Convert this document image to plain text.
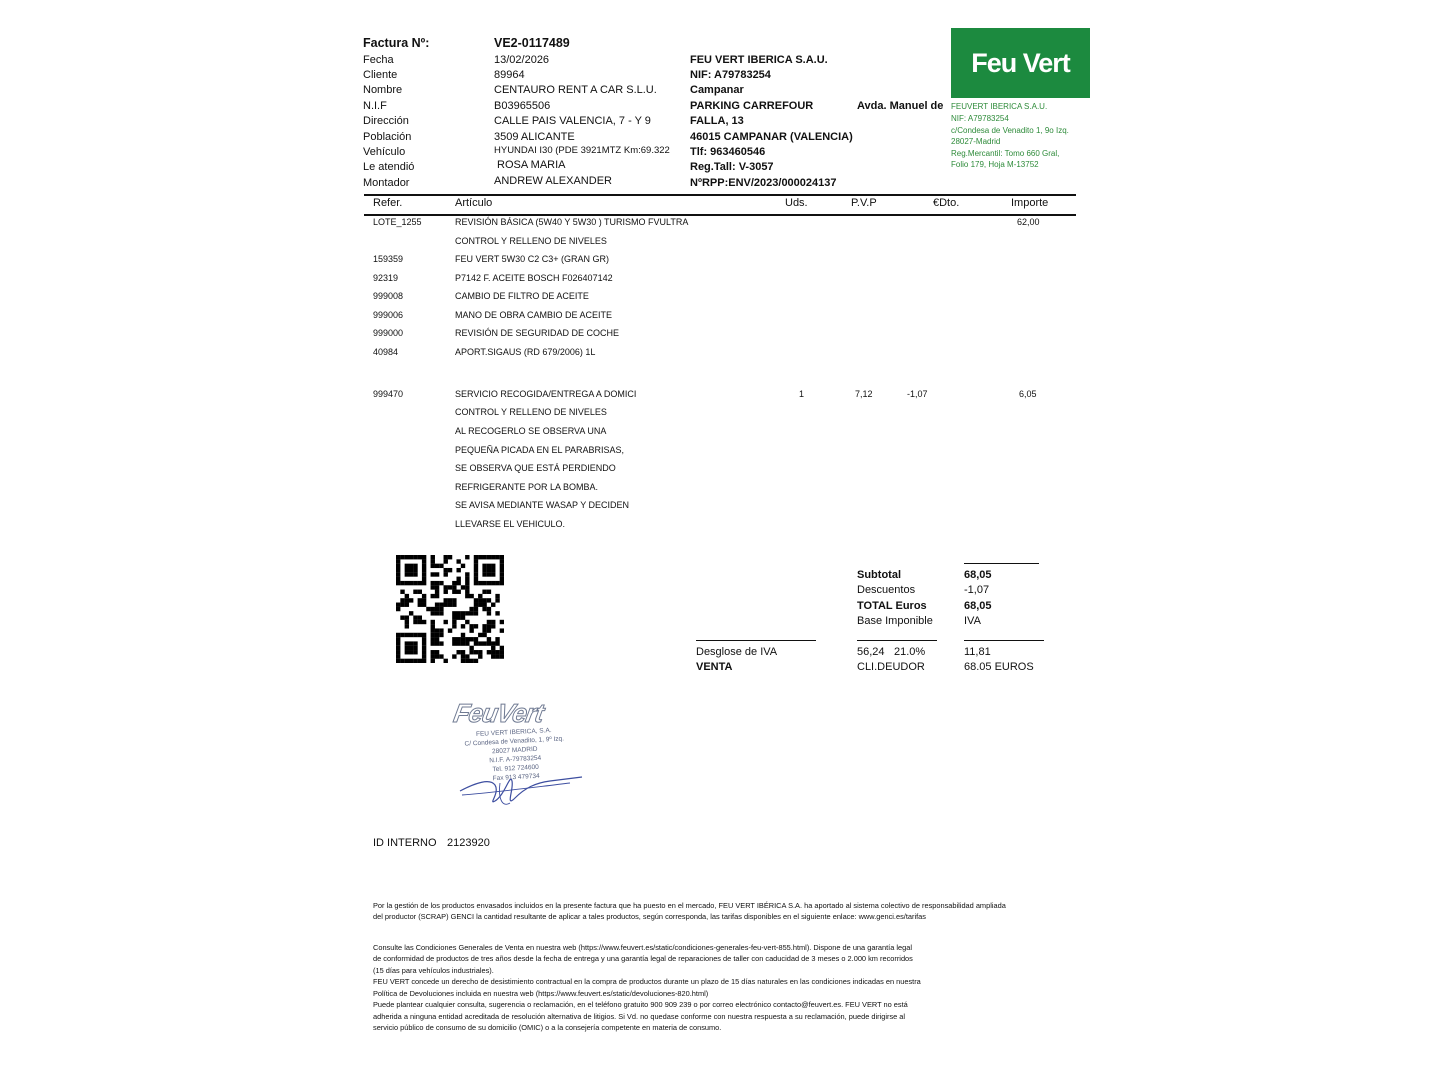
Factura Nº:	VE2-0117489
Fecha	13/02/2026
Cliente	89964
Nombre	CENTAURO RENT A CAR S.L.U.
N.I.F	B03965506
Dirección	CALLE PAIS VALENCIA, 7 - Y 9
Población	3509 ALICANTE
Vehículo	HYUNDAI I30 (PDE 3921MTZ Km:69.322
Le atendió	ROSA MARIA
Montador	ANDREW ALEXANDER
FEU VERT IBERICA S.A.U.
NIF: A79783254
Campanar
PARKING CARREFOUR	Avda. Manuel de
FALLA, 13
46015 CAMPANAR (VALENCIA)
Tlf: 963460546
Reg.Tall: V-3057
NºRPP:ENV/2023/000024137
Feu Vert
FEUVERT IBERICA S.A.U.
NIF: A79783254
c/Condesa de Venadito 1, 9o Izq.
28027-Madrid
Reg.Mercantil: Tomo 660 Gral,
Folio 179, Hoja M-13752
Refer.	Artículo	Uds.	P.V.P	€Dto.	Importe
LOTE_1255	REVISIÓN BÁSICA (5W40 Y 5W30 ) TURISMO FVULTRA	62,00
CONTROL Y RELLENO DE NIVELES
159359	FEU VERT 5W30 C2 C3+ (GRAN GR)
92319	P7142 F. ACEITE BOSCH F026407142
999008	CAMBIO DE FILTRO DE ACEITE
999006	MANO DE OBRA CAMBIO DE ACEITE
999000	REVISIÓN DE SEGURIDAD DE COCHE
40984	APORT.SIGAUS (RD 679/2006) 1L
999470	SERVICIO RECOGIDA/ENTREGA A DOMICI	1	7,12	-1,07	6,05
CONTROL Y RELLENO DE NIVELES
AL RECOGERLO SE OBSERVA UNA
PEQUEÑA PICADA EN EL PARABRISAS,
SE OBSERVA QUE ESTÁ PERDIENDO
REFRIGERANTE POR LA BOMBA.
SE AVISA MEDIANTE WASAP Y DECIDEN
LLEVARSE EL VEHICULO.
Subtotal	68,05
Descuentos	-1,07
TOTAL Euros	68,05
Base Imponible	IVA
Desglose de IVA	56,24 21.0%	11,81
VENTA	CLI.DEUDOR	68.05 EUROS
FeuVert
FEU VERT IBERICA, S.A.
C/ Condesa de Venadito, 1, 9º Izq.
28027 MADRID
N.I.F. A-79783254
Tel. 912 724600
Fax 913 479734
ID INTERNO 2123920
Por la gestión de los productos envasados incluidos en la presente factura que ha puesto en el mercado, FEU VERT IBÉRICA S.A. ha aportado al sistema colectivo de responsabilidad ampliada
del productor (SCRAP) GENCI la cantidad resultante de aplicar a tales productos, según corresponda, las tarifas disponibles en el siguiente enlace: www.genci.es/tarifas
Consulte las Condiciones Generales de Venta en nuestra web (https://www.feuvert.es/static/condiciones-generales-feu-vert-855.html). Dispone de una garantía legal
de conformidad de productos de tres años desde la fecha de entrega y una garantía legal de reparaciones de taller con caducidad de 3 meses o 2.000 km recorridos
(15 días para vehículos industriales).
FEU VERT concede un derecho de desistimiento contractual en la compra de productos durante un plazo de 15 días naturales en las condiciones indicadas en nuestra
Política de Devoluciones incluida en nuestra web (https://www.feuvert.es/static/devoluciones-820.html)
Puede plantear cualquier consulta, sugerencia o reclamación, en el teléfono gratuito 900 909 239 o por correo electrónico contacto@feuvert.es. FEU VERT no está
adherida a ninguna entidad acreditada de resolución alternativa de litigios. Si Vd. no quedase conforme con nuestra respuesta a su reclamación, puede dirigirse al
servicio público de consumo de su domicilio (OMIC) o a la consejería competente en materia de consumo.
